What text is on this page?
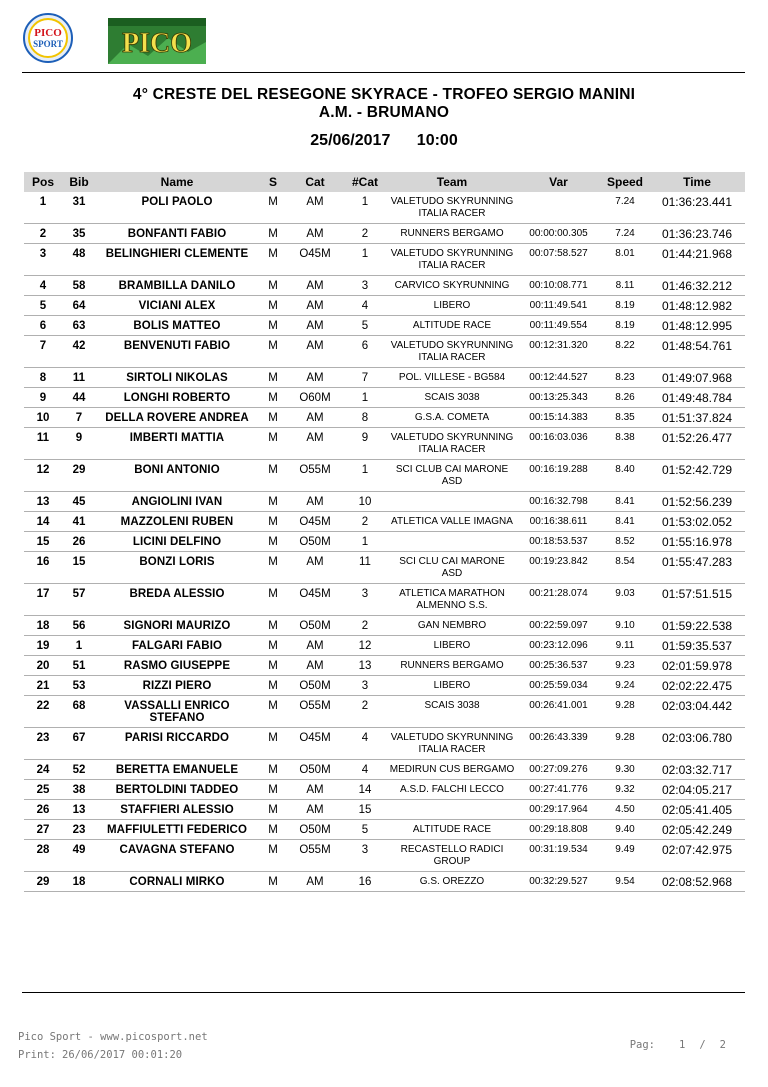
PICO
SPORT PICO
4° CRESTE DEL RESEGONE SKYRACE - TROFEO SERGIO MANINI
A.M. - BRUMANO
25/06/2017 10:00
Pos	Bib	Name	S	Cat	#Cat	Team	Var	Speed	Time
1	31	POLI PAOLO	M	AM	1	VALETUDO SKYRUNNING ITALIA RACER		7.24	01:36:23.441
2	35	BONFANTI FABIO	M	AM	2	RUNNERS BERGAMO	00:00:00.305	7.24	01:36:23.746
3	48	BELINGHIERI CLEMENTE	M	O45M	1	VALETUDO SKYRUNNING ITALIA RACER	00:07:58.527	8.01	01:44:21.968
4	58	BRAMBILLA DANILO	M	AM	3	CARVICO SKYRUNNING	00:10:08.771	8.11	01:46:32.212
5	64	VICIANI ALEX	M	AM	4	LIBERO	00:11:49.541	8.19	01:48:12.982
6	63	BOLIS MATTEO	M	AM	5	ALTITUDE RACE	00:11:49.554	8.19	01:48:12.995
7	42	BENVENUTI FABIO	M	AM	6	VALETUDO SKYRUNNING ITALIA RACER	00:12:31.320	8.22	01:48:54.761
8	11	SIRTOLI NIKOLAS	M	AM	7	POL. VILLESE - BG584	00:12:44.527	8.23	01:49:07.968
9	44	LONGHI ROBERTO	M	O60M	1	SCAIS 3038	00:13:25.343	8.26	01:49:48.784
10	7	DELLA ROVERE ANDREA	M	AM	8	G.S.A. COMETA	00:15:14.383	8.35	01:51:37.824
11	9	IMBERTI MATTIA	M	AM	9	VALETUDO SKYRUNNING ITALIA RACER	00:16:03.036	8.38	01:52:26.477
12	29	BONI ANTONIO	M	O55M	1	SCI CLUB CAI MARONE ASD	00:16:19.288	8.40	01:52:42.729
13	45	ANGIOLINI IVAN	M	AM	10		00:16:32.798	8.41	01:52:56.239
14	41	MAZZOLENI RUBEN	M	O45M	2	ATLETICA VALLE IMAGNA	00:16:38.611	8.41	01:53:02.052
15	26	LICINI DELFINO	M	O50M	1		00:18:53.537	8.52	01:55:16.978
16	15	BONZI LORIS	M	AM	11	SCI CLU CAI MARONE ASD	00:19:23.842	8.54	01:55:47.283
17	57	BREDA ALESSIO	M	O45M	3	ATLETICA MARATHON ALMENNO S.S.	00:21:28.074	9.03	01:57:51.515
18	56	SIGNORI MAURIZO	M	O50M	2	GAN NEMBRO	00:22:59.097	9.10	01:59:22.538
19	1	FALGARI FABIO	M	AM	12	LIBERO	00:23:12.096	9.11	01:59:35.537
20	51	RASMO GIUSEPPE	M	AM	13	RUNNERS BERGAMO	00:25:36.537	9.23	02:01:59.978
21	53	RIZZI PIERO	M	O50M	3	LIBERO	00:25:59.034	9.24	02:02:22.475
22	68	VASSALLI ENRICO STEFANO	M	O55M	2	SCAIS 3038	00:26:41.001	9.28	02:03:04.442
23	67	PARISI RICCARDO	M	O45M	4	VALETUDO SKYRUNNING ITALIA RACER	00:26:43.339	9.28	02:03:06.780
24	52	BERETTA EMANUELE	M	O50M	4	MEDIRUN CUS BERGAMO	00:27:09.276	9.30	02:03:32.717
25	38	BERTOLDINI TADDEO	M	AM	14	A.S.D. FALCHI LECCO	00:27:41.776	9.32	02:04:05.217
26	13	STAFFIERI ALESSIO	M	AM	15		00:29:17.964	4.50	02:05:41.405
27	23	MAFFIULETTI FEDERICO	M	O50M	5	ALTITUDE RACE	00:29:18.808	9.40	02:05:42.249
28	49	CAVAGNA STEFANO	M	O55M	3	RECASTELLO RADICI GROUP	00:31:19.534	9.49	02:07:42.975
29	18	CORNALI MIRKO	M	AM	16	G.S. OREZZO	00:32:29.527	9.54	02:08:52.968
Pico Sport - www.picosport.net
Print: 26/06/2017 00:01:20
Pag: 1 / 2
